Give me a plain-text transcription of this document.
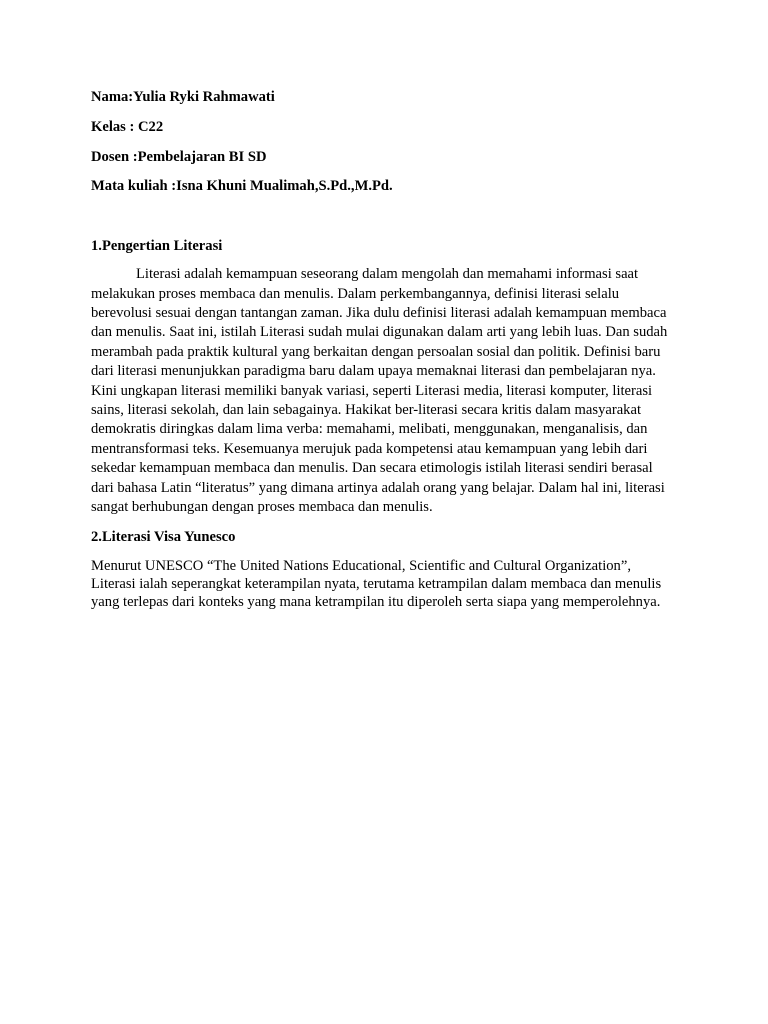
Nama:Yulia Ryki Rahmawati

Kelas : C22

Dosen :Pembelajaran BI SD

Mata kuliah :Isna Khuni Mualimah,S.Pd.,M.Pd.

1.Pengertian Literasi

Literasi adalah kemampuan seseorang dalam mengolah dan memahami informasi saat melakukan proses membaca dan menulis. Dalam perkembangannya, definisi literasi selalu berevolusi sesuai dengan tantangan zaman. Jika dulu definisi literasi adalah kemampuan membaca dan menulis. Saat ini, istilah Literasi sudah mulai digunakan dalam arti yang lebih luas. Dan sudah merambah pada praktik kultural yang berkaitan dengan persoalan sosial dan politik. Definisi baru dari literasi menunjukkan paradigma baru dalam upaya memaknai literasi dan pembelajaran nya. Kini ungkapan literasi memiliki banyak variasi, seperti Literasi media, literasi komputer, literasi sains, literasi sekolah, dan lain sebagainya. Hakikat ber-literasi secara kritis dalam masyarakat demokratis diringkas dalam lima verba: memahami, melibati, menggunakan, menganalisis, dan mentransformasi teks. Kesemuanya merujuk pada kompetensi atau kemampuan yang lebih dari sekedar kemampuan membaca dan menulis. Dan secara etimologis istilah literasi sendiri berasal dari bahasa Latin “literatus” yang dimana artinya adalah orang yang belajar. Dalam hal ini, literasi sangat berhubungan dengan proses membaca dan menulis.

2.Literasi Visa Yunesco

Menurut UNESCO “The United Nations Educational, Scientific and Cultural Organization”, Literasi ialah seperangkat keterampilan nyata, terutama ketrampilan dalam membaca dan menulis yang terlepas dari konteks yang mana ketrampilan itu diperoleh serta siapa yang memperolehnya.
